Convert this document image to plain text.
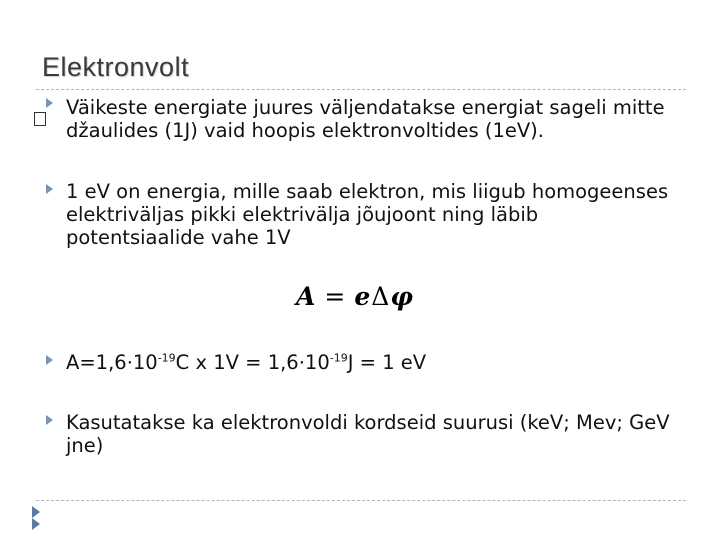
Elektronvolt
Väikeste energiate juures väljendatakse energiat sageli mitte džaulides (1J) vaid hoopis elektronvoltides (1eV).
1 eV on energia, mille saab elektron, mis liigub homogeenses elektriväljas pikki elektrivälja jõujoont ning läbib potentsiaalide vahe 1V
A = eΔφ
$A=1,6\cdot 10^{-19}C$ x $1V = 1,6\cdot 10^{-19}J = 1$ eV
Kasutatakse ka elektronvoldi kordseid suurusi (keV; Mev; GeV jne)
